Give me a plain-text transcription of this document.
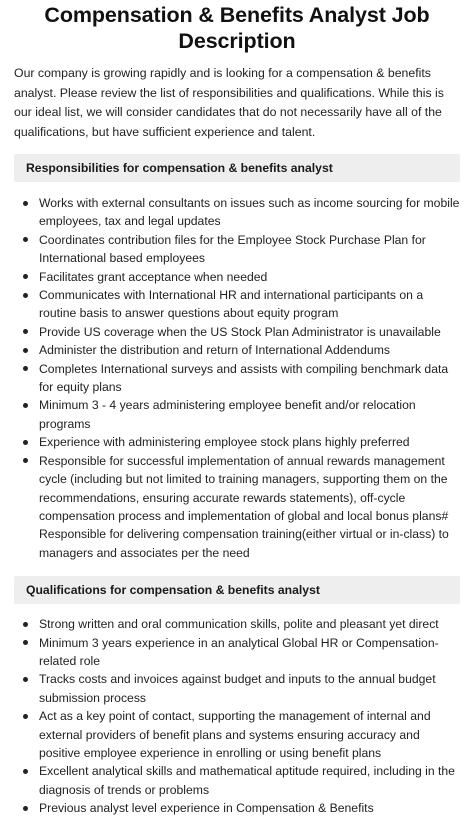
Compensation & Benefits Analyst Job Description

Our company is growing rapidly and is looking for a compensation & benefits analyst. Please review the list of responsibilities and qualifications. While this is our ideal list, we will consider candidates that do not necessarily have all of the qualifications, but have sufficient experience and talent.

Responsibilities for compensation & benefits analyst
Works with external consultants on issues such as income sourcing for mobile employees, tax and legal updates
Coordinates contribution files for the Employee Stock Purchase Plan for International based employees
Facilitates grant acceptance when needed
Communicates with International HR and international participants on a routine basis to answer questions about equity program
Provide US coverage when the US Stock Plan Administrator is unavailable
Administer the distribution and return of International Addendums
Completes International surveys and assists with compiling benchmark data for equity plans
Minimum 3 - 4 years administering employee benefit and/or relocation programs
Experience with administering employee stock plans highly preferred
Responsible for successful implementation of annual rewards management cycle (including but not limited to training managers, supporting them on the recommendations, ensuring accurate rewards statements), off-cycle compensation process and implementation of global and local bonus plans# Responsible for delivering compensation training(either virtual or in-class) to managers and associates per the need
Qualifications for compensation & benefits analyst
Strong written and oral communication skills, polite and pleasant yet direct
Minimum 3 years experience in an analytical Global HR or Compensation-related role
Tracks costs and invoices against budget and inputs to the annual budget submission process
Act as a key point of contact, supporting the management of internal and external providers of benefit plans and systems ensuring accuracy and positive employee experience in enrolling or using benefit plans
Excellent analytical skills and mathematical aptitude required, including in the diagnosis of trends or problems
Previous analyst level experience in Compensation & Benefits
